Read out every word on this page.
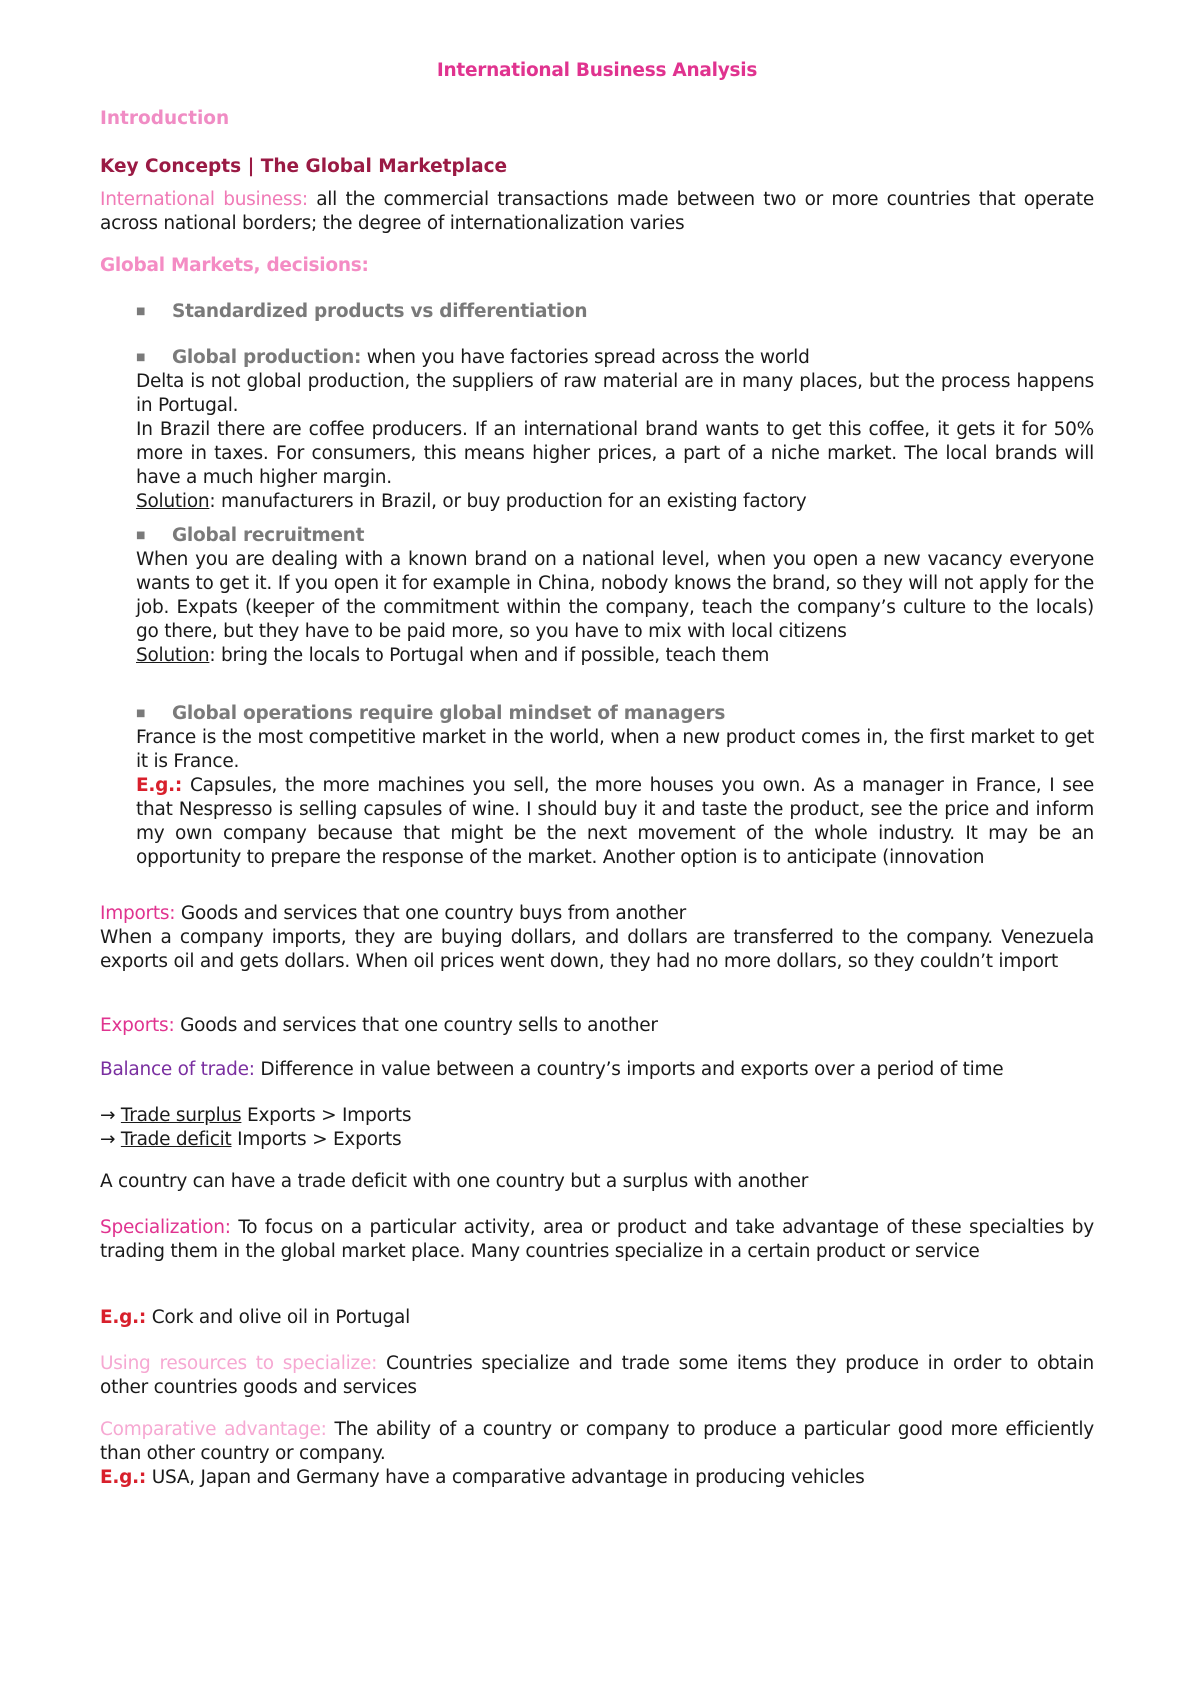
International Business Analysis
Introduction
Key Concepts | The Global Marketplace

International business: all the commercial transactions made between two or more countries that operate across national borders; the degree of internationalization varies

Global Markets, decisions:

■ Standardized products vs differentiation

■ Global production: when you have factories spread across the world

Delta is not global production, the suppliers of raw material are in many places, but the process happens in Portugal.

In Brazil there are coffee producers. If an international brand wants to get this coffee, it gets it for 50% more in taxes. For consumers, this means higher prices, a part of a niche market. The local brands will have a much higher margin.

Solution: manufacturers in Brazil, or buy production for an existing factory

■ Global recruitment

When you are dealing with a known brand on a national level, when you open a new vacancy everyone wants to get it. If you open it for example in China, nobody knows the brand, so they will not apply for the job. Expats (keeper of the commitment within the company, teach the company’s culture to the locals) go there, but they have to be paid more, so you have to mix with local citizens

Solution: bring the locals to Portugal when and if possible, teach them

■ Global operations require global mindset of managers

France is the most competitive market in the world, when a new product comes in, the first market to get it is France.

E.g.: Capsules, the more machines you sell, the more houses you own. As a manager in France, I see that Nespresso is selling capsules of wine. I should buy it and taste the product, see the price and inform my own company because that might be the next movement of the whole industry. It may be an opportunity to prepare the response of the market. Another option is to anticipate (innovation

Imports: Goods and services that one country buys from another

When a company imports, they are buying dollars, and dollars are transferred to the company. Venezuela exports oil and gets dollars. When oil prices went down, they had no more dollars, so they couldn’t import

Exports: Goods and services that one country sells to another

Balance of trade: Difference in value between a country’s imports and exports over a period of time

→ Trade surplus Exports > Imports

→ Trade deficit Imports > Exports

A country can have a trade deficit with one country but a surplus with another

Specialization: To focus on a particular activity, area or product and take advantage of these specialties by trading them in the global market place. Many countries specialize in a certain product or service

E.g.: Cork and olive oil in Portugal

Using resources to specialize: Countries specialize and trade some items they produce in order to obtain other countries goods and services

Comparative advantage: The ability of a country or company to produce a particular good more efficiently than other country or company.

E.g.: USA, Japan and Germany have a comparative advantage in producing vehicles
